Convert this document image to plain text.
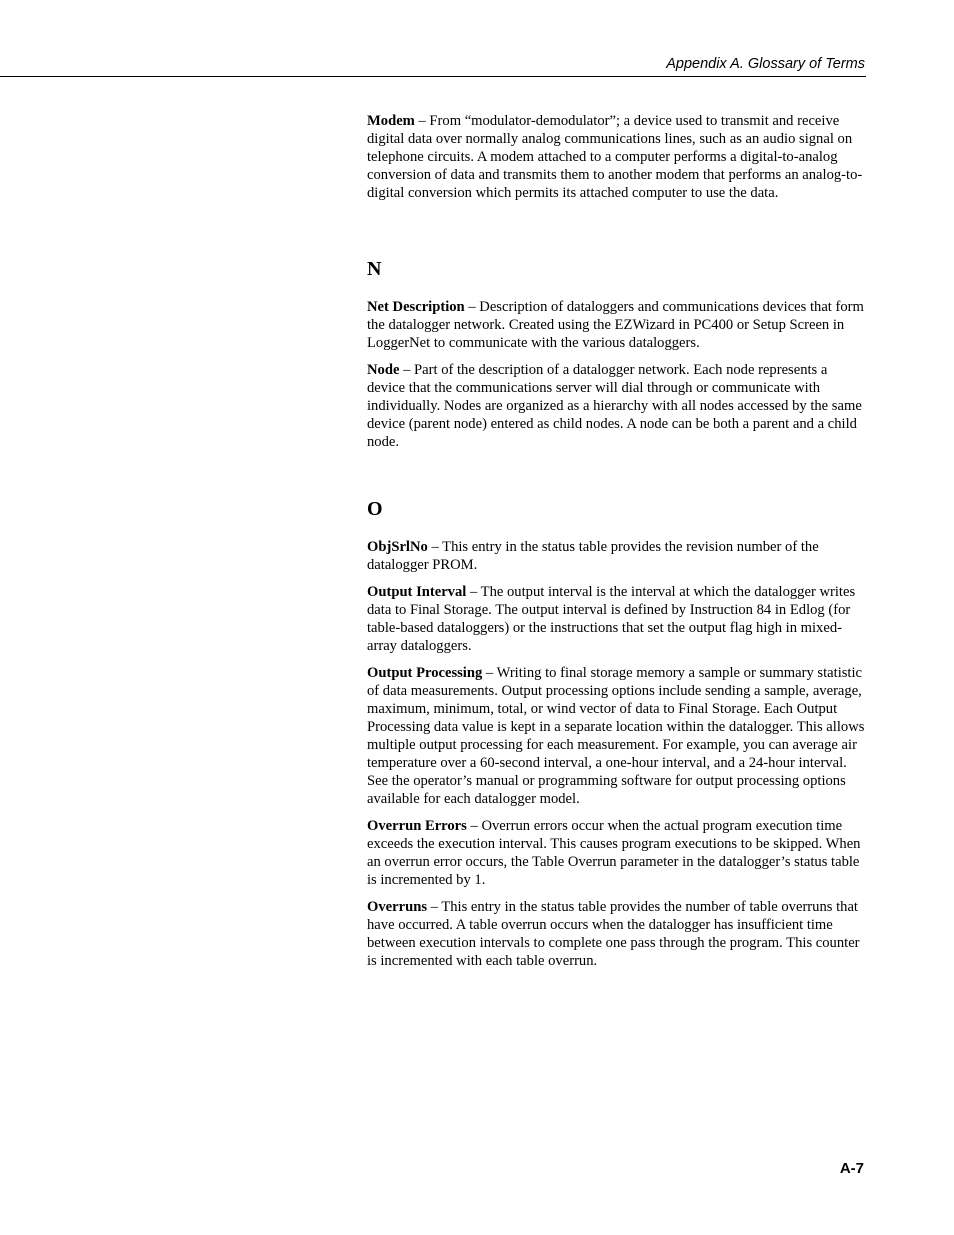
Appendix A. Glossary of Terms

Modem – From “modulator-demodulator”; a device used to transmit and receive digital data over normally analog communications lines, such as an audio signal on telephone circuits. A modem attached to a computer performs a digital-to-analog conversion of data and transmits them to another modem that performs an analog-to-digital conversion which permits its attached computer to use the data.

N

Net Description – Description of dataloggers and communications devices that form the datalogger network. Created using the EZWizard in PC400 or Setup Screen in LoggerNet to communicate with the various dataloggers.

Node – Part of the description of a datalogger network. Each node represents a device that the communications server will dial through or communicate with individually. Nodes are organized as a hierarchy with all nodes accessed by the same device (parent node) entered as child nodes. A node can be both a parent and a child node.

O

ObjSrlNo – This entry in the status table provides the revision number of the datalogger PROM.

Output Interval – The output interval is the interval at which the datalogger writes data to Final Storage. The output interval is defined by Instruction 84 in Edlog (for table-based dataloggers) or the instructions that set the output flag high in mixed-array dataloggers.

Output Processing – Writing to final storage memory a sample or summary statistic of data measurements. Output processing options include sending a sample, average, maximum, minimum, total, or wind vector of data to Final Storage. Each Output Processing data value is kept in a separate location within the datalogger. This allows multiple output processing for each measurement. For example, you can average air temperature over a 60-second interval, a one-hour interval, and a 24-hour interval. See the operator’s manual or programming software for output processing options available for each datalogger model.

Overrun Errors – Overrun errors occur when the actual program execution time exceeds the execution interval. This causes program executions to be skipped. When an overrun error occurs, the Table Overrun parameter in the datalogger’s status table is incremented by 1.

Overruns – This entry in the status table provides the number of table overruns that have occurred. A table overrun occurs when the datalogger has insufficient time between execution intervals to complete one pass through the program. This counter is incremented with each table overrun.

A-7
